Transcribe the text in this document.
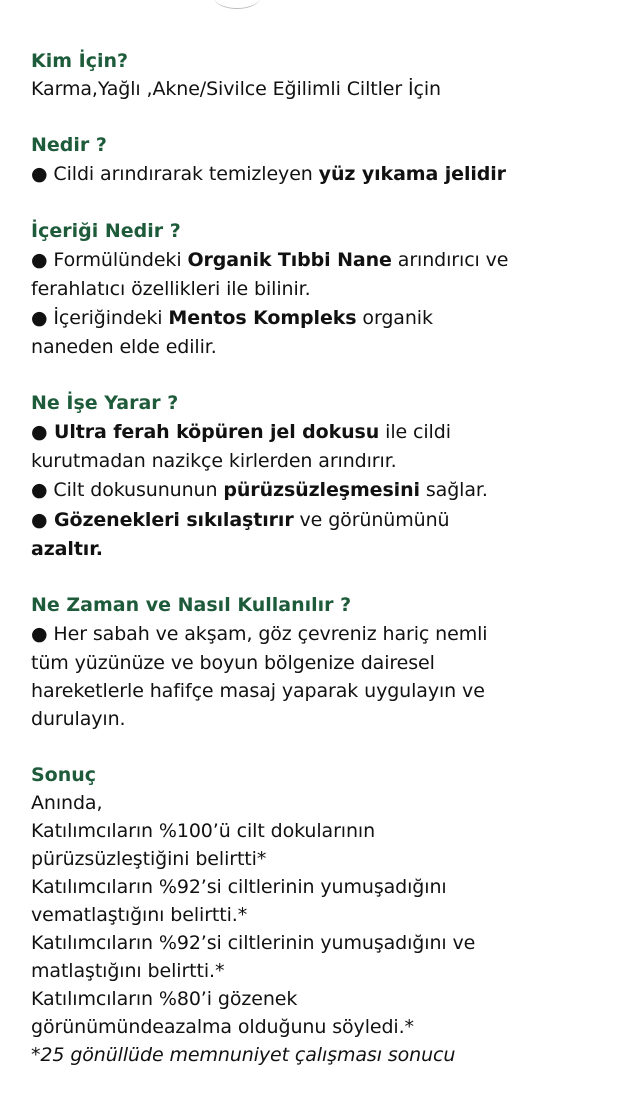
Kim İçin?
Karma,Yağlı ,Akne/Sivilce Eğilimli Ciltler İçin
Nedir ?
● Cildi arındırarak temizleyen yüz yıkama jelidir
İçeriği Nedir ?
● Formülündeki Organik Tıbbi Nane arındırıcı ve
ferahlatıcı özellikleri ile bilinir.
● İçeriğindeki Mentos Kompleks organik
naneden elde edilir.
Ne İşe Yarar ?
● Ultra ferah köpüren jel dokusu ile cildi
kurutmadan nazikçe kirlerden arındırır.
● Cilt dokusununun pürüzsüzleşmesini sağlar.
● Gözenekleri sıkılaştırır ve görünümünü
azaltır.
Ne Zaman ve Nasıl Kullanılır ?
● Her sabah ve akşam, göz çevreniz hariç nemli
tüm yüzünüze ve boyun bölgenize dairesel
hareketlerle hafifçe masaj yaparak uygulayın ve
durulayın.
Sonuç
Anında,
Katılımcıların %100’ü cilt dokularının
pürüzsüzleştiğini belirtti*
Katılımcıların %92’si ciltlerinin yumuşadığını
vematlaştığını belirtti.*
Katılımcıların %92’si ciltlerinin yumuşadığını ve
matlaştığını belirtti.*
Katılımcıların %80’i gözenek
görünümündeazalma olduğunu söyledi.*
*25 gönüllüde memnuniyet çalışması sonucu
